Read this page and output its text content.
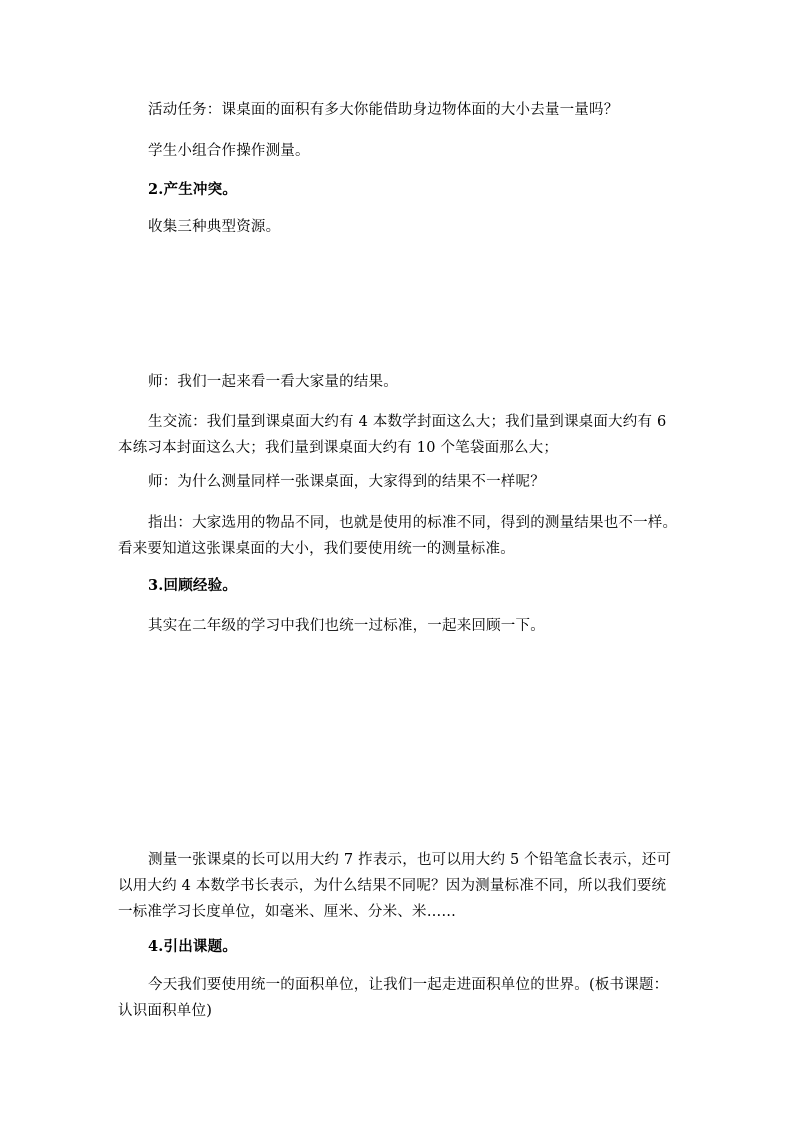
活动任务：课桌面的面积有多大你能借助身边物体面的大小去量一量吗？
学生小组合作操作测量。
2.产生冲突。
收集三种典型资源。
师：我们一起来看一看大家量的结果。
生交流：我们量到课桌面大约有 4 本数学封面这么大；我们量到课桌面大约有 6 本练习本封面这么大；我们量到课桌面大约有 10 个笔袋面那么大；
师：为什么测量同样一张课桌面，大家得到的结果不一样呢？
指出：大家选用的物品不同，也就是使用的标准不同，得到的测量结果也不一样。看来要知道这张课桌面的大小，我们要使用统一的测量标准。
3.回顾经验。
其实在二年级的学习中我们也统一过标准，一起来回顾一下。
测量一张课桌的长可以用大约 7 拃表示，也可以用大约 5 个铅笔盒长表示，还可以用大约 4 本数学书长表示，为什么结果不同呢？因为测量标准不同，所以我们要统一标准学习长度单位，如毫米、厘米、分米、米……
4.引出课题。
今天我们要使用统一的面积单位，让我们一起走进面积单位的世界。(板书课题：认识面积单位)
